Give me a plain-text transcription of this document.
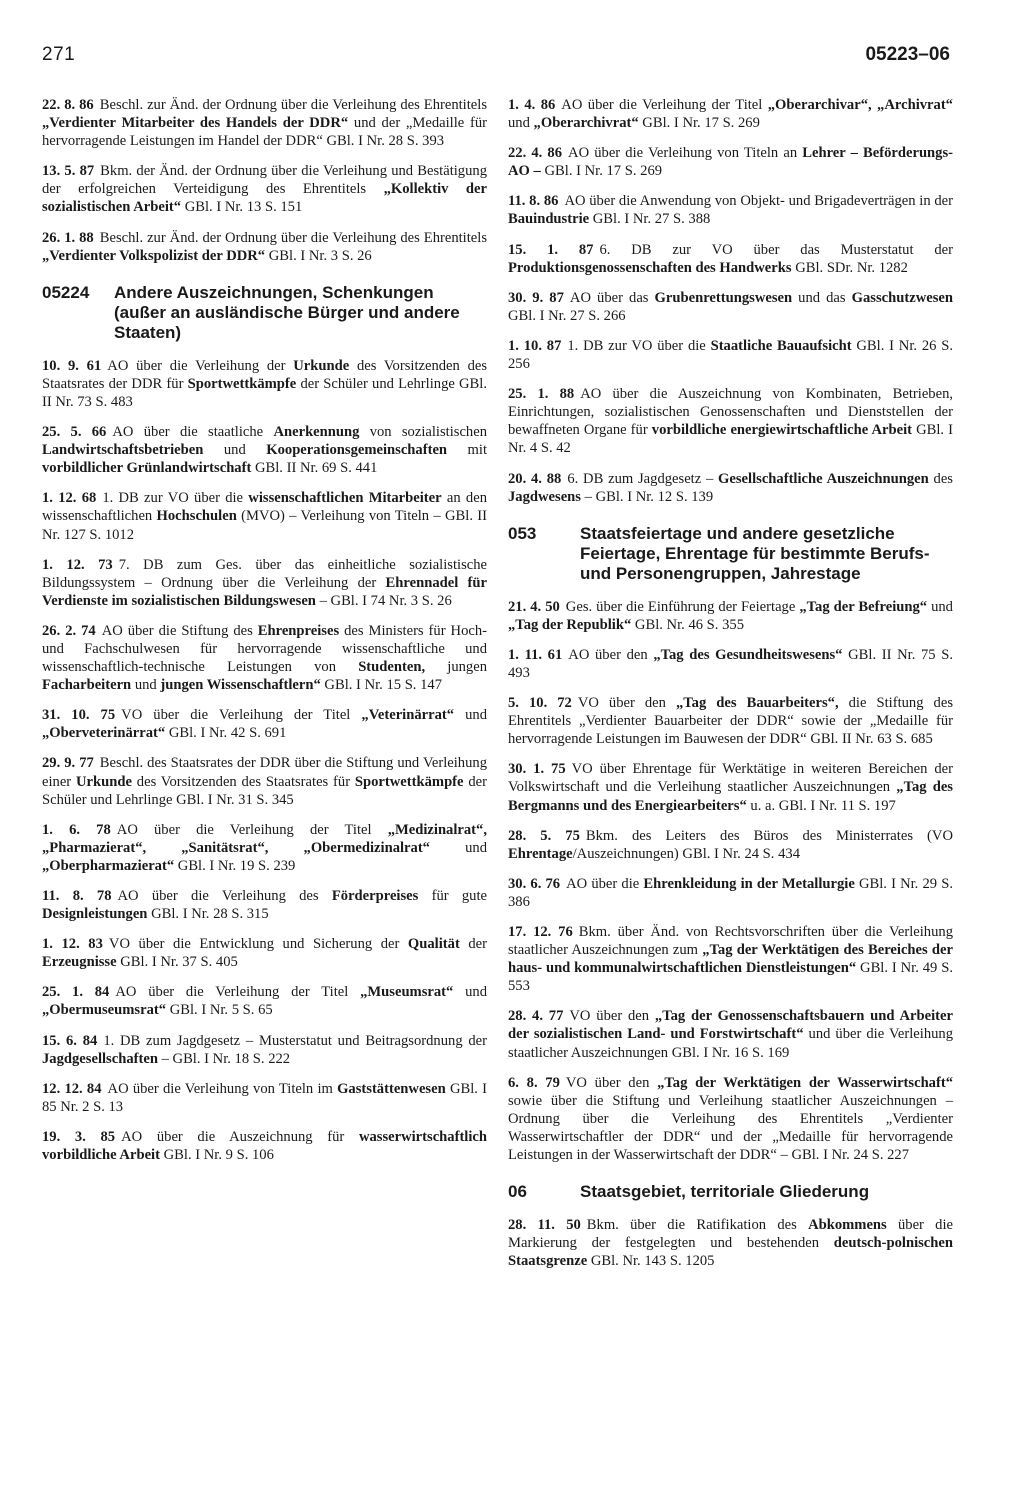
271	05223–06

22. 8. 86 Beschl. zur Änd. der Ordnung über die Verleihung des Ehrentitels „Verdienter Mitarbeiter des Handels der DDR“ und der „Medaille für hervorragende Leistungen im Handel der DDR“ GBl. I Nr. 28 S. 393

13. 5. 87 Bkm. der Änd. der Ordnung über die Verleihung und Bestätigung der erfolgreichen Verteidigung des Ehrentitels „Kollektiv der sozialistischen Arbeit“ GBl. I Nr. 13 S. 151

26. 1. 88 Beschl. zur Änd. der Ordnung über die Verleihung des Ehrentitels „Verdienter Volkspolizist der DDR“ GBl. I Nr. 3 S. 26

05224	Andere Auszeichnungen, Schenkungen (außer an ausländische Bürger und andere Staaten)

10. 9. 61 AO über die Verleihung der Urkunde des Vorsitzenden des Staatsrates der DDR für Sportwettkämpfe der Schüler und Lehrlinge GBl. II Nr. 73 S. 483

25. 5. 66 AO über die staatliche Anerkennung von sozialistischen Landwirtschaftsbetrieben und Kooperationsgemeinschaften mit vorbildlicher Grünlandwirtschaft GBl. II Nr. 69 S. 441

1. 12. 68 1. DB zur VO über die wissenschaftlichen Mitarbeiter an den wissenschaftlichen Hochschulen (MVO) – Verleihung von Titeln – GBl. II Nr. 127 S. 1012

1. 12. 73 7. DB zum Ges. über das einheitliche sozialistische Bildungssystem – Ordnung über die Verleihung der Ehrennadel für Verdienste im sozialistischen Bildungswesen – GBl. I 74 Nr. 3 S. 26

26. 2. 74 AO über die Stiftung des Ehrenpreises des Ministers für Hoch- und Fachschulwesen für hervorragende wissenschaftliche und wissenschaftlich-technische Leistungen von Studenten, jungen Facharbeitern und jungen Wissenschaftlern“ GBl. I Nr. 15 S. 147

31. 10. 75 VO über die Verleihung der Titel „Veterinärrat“ und „Oberveterinärrat“ GBl. I Nr. 42 S. 691

29. 9. 77 Beschl. des Staatsrates der DDR über die Stiftung und Verleihung einer Urkunde des Vorsitzenden des Staatsrates für Sportwettkämpfe der Schüler und Lehrlinge GBl. I Nr. 31 S. 345

1. 6. 78 AO über die Verleihung der Titel „Medizinalrat“, „Pharmazierat“, „Sanitätsrat“, „Obermedizinalrat“ und „Oberpharmazierat“ GBl. I Nr. 19 S. 239

11. 8. 78 AO über die Verleihung des Förderpreises für gute Designleistungen GBl. I Nr. 28 S. 315

1. 12. 83 VO über die Entwicklung und Sicherung der Qualität der Erzeugnisse GBl. I Nr. 37 S. 405

25. 1. 84 AO über die Verleihung der Titel „Museumsrat“ und „Obermuseumsrat“ GBl. I Nr. 5 S. 65

15. 6. 84 1. DB zum Jagdgesetz – Musterstatut und Beitragsordnung der Jagdgesellschaften – GBl. I Nr. 18 S. 222

12. 12. 84 AO über die Verleihung von Titeln im Gaststättenwesen GBl. I 85 Nr. 2 S. 13

19. 3. 85 AO über die Auszeichnung für wasserwirtschaftlich vorbildliche Arbeit GBl. I Nr. 9 S. 106

1. 4. 86 AO über die Verleihung der Titel „Oberarchivar“, „Archivrat“ und „Oberarchivrat“ GBl. I Nr. 17 S. 269

22. 4. 86 AO über die Verleihung von Titeln an Lehrer – Beförderungs-AO – GBl. I Nr. 17 S. 269

11. 8. 86 AO über die Anwendung von Objekt- und Brigadeverträgen in der Bauindustrie GBl. I Nr. 27 S. 388

15. 1. 87 6. DB zur VO über das Musterstatut der Produktionsgenossenschaften des Handwerks GBl. SDr. Nr. 1282

30. 9. 87 AO über das Grubenrettungswesen und das Gasschutzwesen GBl. I Nr. 27 S. 266

1. 10. 87 1. DB zur VO über die Staatliche Bauaufsicht GBl. I Nr. 26 S. 256

25. 1. 88 AO über die Auszeichnung von Kombinaten, Betrieben, Einrichtungen, sozialistischen Genossenschaften und Dienststellen der bewaffneten Organe für vorbildliche energiewirtschaftliche Arbeit GBl. I Nr. 4 S. 42

20. 4. 88 6. DB zum Jagdgesetz – Gesellschaftliche Auszeichnungen des Jagdwesens – GBl. I Nr. 12 S. 139

053	Staatsfeiertage und andere gesetzliche Feiertage, Ehrentage für bestimmte Berufs- und Personengruppen, Jahrestage

21. 4. 50 Ges. über die Einführung der Feiertage „Tag der Befreiung“ und „Tag der Republik“ GBl. Nr. 46 S. 355

1. 11. 61 AO über den „Tag des Gesundheitswesens“ GBl. II Nr. 75 S. 493

5. 10. 72 VO über den „Tag des Bauarbeiters“, die Stiftung des Ehrentitels „Verdienter Bauarbeiter der DDR“ sowie der „Medaille für hervorragende Leistungen im Bauwesen der DDR“ GBl. II Nr. 63 S. 685

30. 1. 75 VO über Ehrentage für Werktätige in weiteren Bereichen der Volkswirtschaft und die Verleihung staatlicher Auszeichnungen „Tag des Bergmanns und des Energiearbeiters“ u. a. GBl. I Nr. 11 S. 197

28. 5. 75 Bkm. des Leiters des Büros des Ministerrates (VO Ehrentage/Auszeichnungen) GBl. I Nr. 24 S. 434

30. 6. 76 AO über die Ehrenkleidung in der Metallurgie GBl. I Nr. 29 S. 386

17. 12. 76 Bkm. über Änd. von Rechtsvorschriften über die Verleihung staatlicher Auszeichnungen zum „Tag der Werktätigen des Bereiches der haus- und kommunalwirtschaftlichen Dienstleistungen“ GBl. I Nr. 49 S. 553

28. 4. 77 VO über den „Tag der Genossenschaftsbauern und Arbeiter der sozialistischen Land- und Forstwirtschaft“ und über die Verleihung staatlicher Auszeichnungen GBl. I Nr. 16 S. 169

6. 8. 79 VO über den „Tag der Werktätigen der Wasserwirtschaft“ sowie über die Stiftung und Verleihung staatlicher Auszeichnungen – Ordnung über die Verleihung des Ehrentitels „Verdienter Wasserwirtschaftler der DDR“ und der „Medaille für hervorragende Leistungen in der Wasserwirtschaft der DDR“ – GBl. I Nr. 24 S. 227

06	Staatsgebiet, territoriale Gliederung

28. 11. 50 Bkm. über die Ratifikation des Abkommens über die Markierung der festgelegten und bestehenden deutsch-polnischen Staatsgrenze GBl. Nr. 143 S. 1205
